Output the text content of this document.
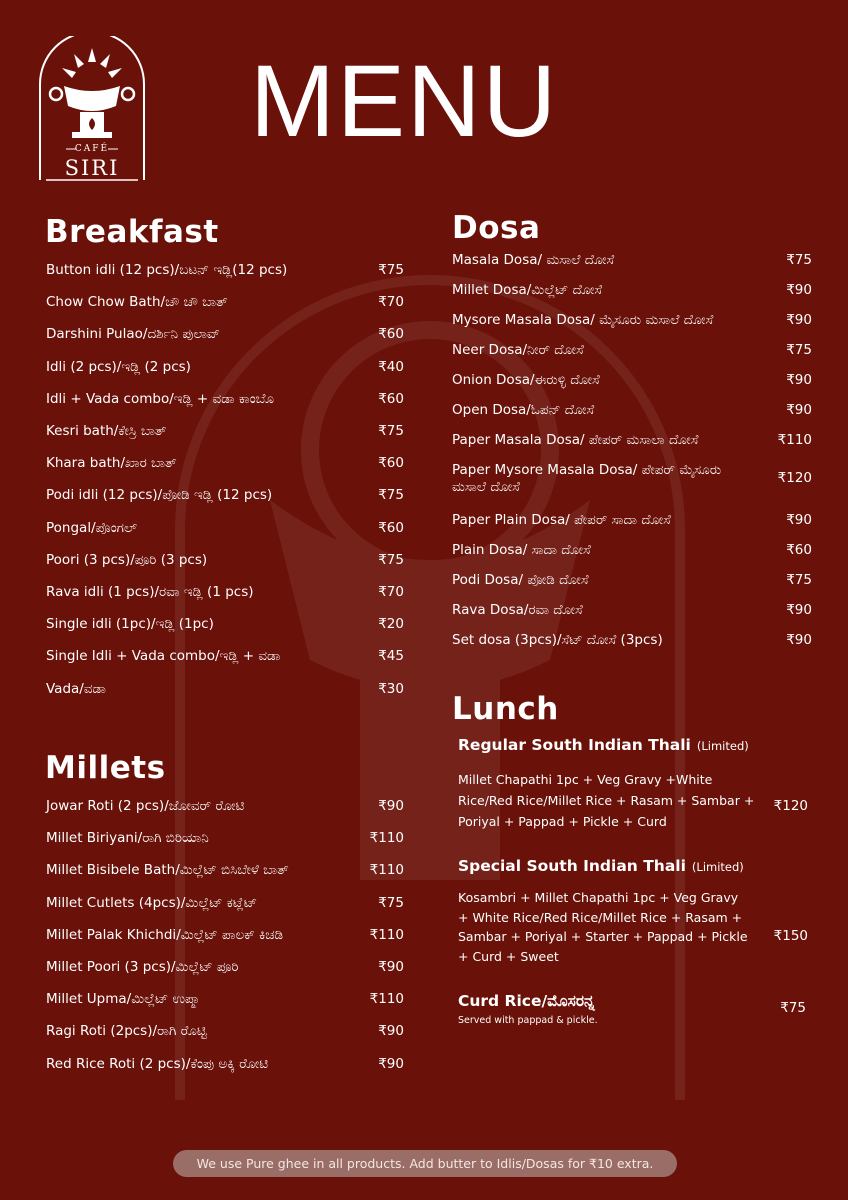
CAFÉ
SIRI
MENU
Breakfast
Button idli (12 pcs)/ಬಟನ್ ಇಡ್ಲಿ(12 pcs)	₹75
Chow Chow Bath/ಚೌ ಚೌ ಬಾತ್	₹70
Darshini Pulao/ದರ್ಶಿನಿ ಪುಲಾವ್	₹60
Idli (2 pcs)/ಇಡ್ಲಿ (2 pcs)	₹40
Idli + Vada combo/ಇಡ್ಲಿ + ವಡಾ ಕಾಂಬೊ	₹60
Kesri bath/ಕೇಸ್ರಿ ಬಾತ್	₹75
Khara bath/ಖಾರ ಬಾತ್	₹60
Podi idli (12 pcs)/ಪೋಡಿ ಇಡ್ಲಿ (12 pcs)	₹75
Pongal/ಪೊಂಗಲ್	₹60
Poori (3 pcs)/ಪೂರಿ (3 pcs)	₹75
Rava idli (1 pcs)/ರವಾ ಇಡ್ಲಿ (1 pcs)	₹70
Single idli (1pc)/ಇಡ್ಲಿ (1pc)	₹20
Single Idli + Vada combo/ಇಡ್ಲಿ + ವಡಾ	₹45
Vada/ವಡಾ	₹30
Millets
Jowar Roti (2 pcs)/ಜೋವರ್ ರೋಟಿ	₹90
Millet Biriyani/ರಾಗಿ ಬಿರಿಯಾನಿ	₹110
Millet Bisibele Bath/ಮಿಲ್ಲೆಟ್ ಬಿಸಿಬೇಳೆ ಬಾತ್	₹110
Millet Cutlets (4pcs)/ಮಿಲ್ಲೆಟ್ ಕಟ್ಲೆಟ್	₹75
Millet Palak Khichdi/ಮಿಲ್ಲೆಟ್ ಪಾಲಕ್ ಕಿಚಡಿ	₹110
Millet Poori (3 pcs)/ಮಿಲ್ಲೆಟ್ ಪೂರಿ	₹90
Millet Upma/ಮಿಲ್ಲೆಟ್ ಉಪ್ಮಾ	₹110
Ragi Roti (2pcs)/ರಾಗಿ ರೊಟ್ಟಿ	₹90
Red Rice Roti (2 pcs)/ಕೆಂಪು ಅಕ್ಕಿ ರೋಟಿ	₹90
Dosa
Masala Dosa/ ಮಸಾಲೆ ದೋಸೆ	₹75
Millet Dosa/ಮಿಲ್ಲೆಟ್ ದೋಸೆ	₹90
Mysore Masala Dosa/ ಮೈಸೂರು ಮಸಾಲೆ ದೋಸೆ	₹90
Neer Dosa/ನೀರ್ ದೋಸೆ	₹75
Onion Dosa/ಈರುಳ್ಳಿ ದೋಸೆ	₹90
Open Dosa/ಓಪನ್ ದೋಸೆ	₹90
Paper Masala Dosa/ ಪೇಪರ್ ಮಸಾಲಾ ದೋಸೆ	₹110
Paper Mysore Masala Dosa/ ಪೇಪರ್ ಮೈಸೂರು ಮಸಾಲೆ ದೋಸೆ
₹120
Paper Plain Dosa/ ಪೇಪರ್ ಸಾದಾ ದೋಸೆ	₹90
Plain Dosa/ ಸಾದಾ ದೋಸೆ	₹60
Podi Dosa/ ಪೋಡಿ ದೋಸೆ	₹75
Rava Dosa/ರವಾ ದೋಸೆ	₹90
Set dosa (3pcs)/ಸೆಟ್ ದೋಸೆ (3pcs)	₹90
Lunch
Regular South Indian Thali (Limited)
Millet Chapathi 1pc + Veg Gravy +White Rice/Red Rice/Millet Rice + Rasam + Sambar + Poriyal + Pappad + Pickle + Curd
₹120
Special South Indian Thali (Limited)
Kosambri + Millet Chapathi 1pc + Veg Gravy + White Rice/Red Rice/Millet Rice + Rasam + Sambar + Poriyal + Starter + Pappad + Pickle + Curd + Sweet
₹150
Curd Rice/ಮೊಸರನ್ನ
Served with pappad & pickle.
₹75
We use Pure ghee in all products. Add butter to Idlis/Dosas for ₹10 extra.
